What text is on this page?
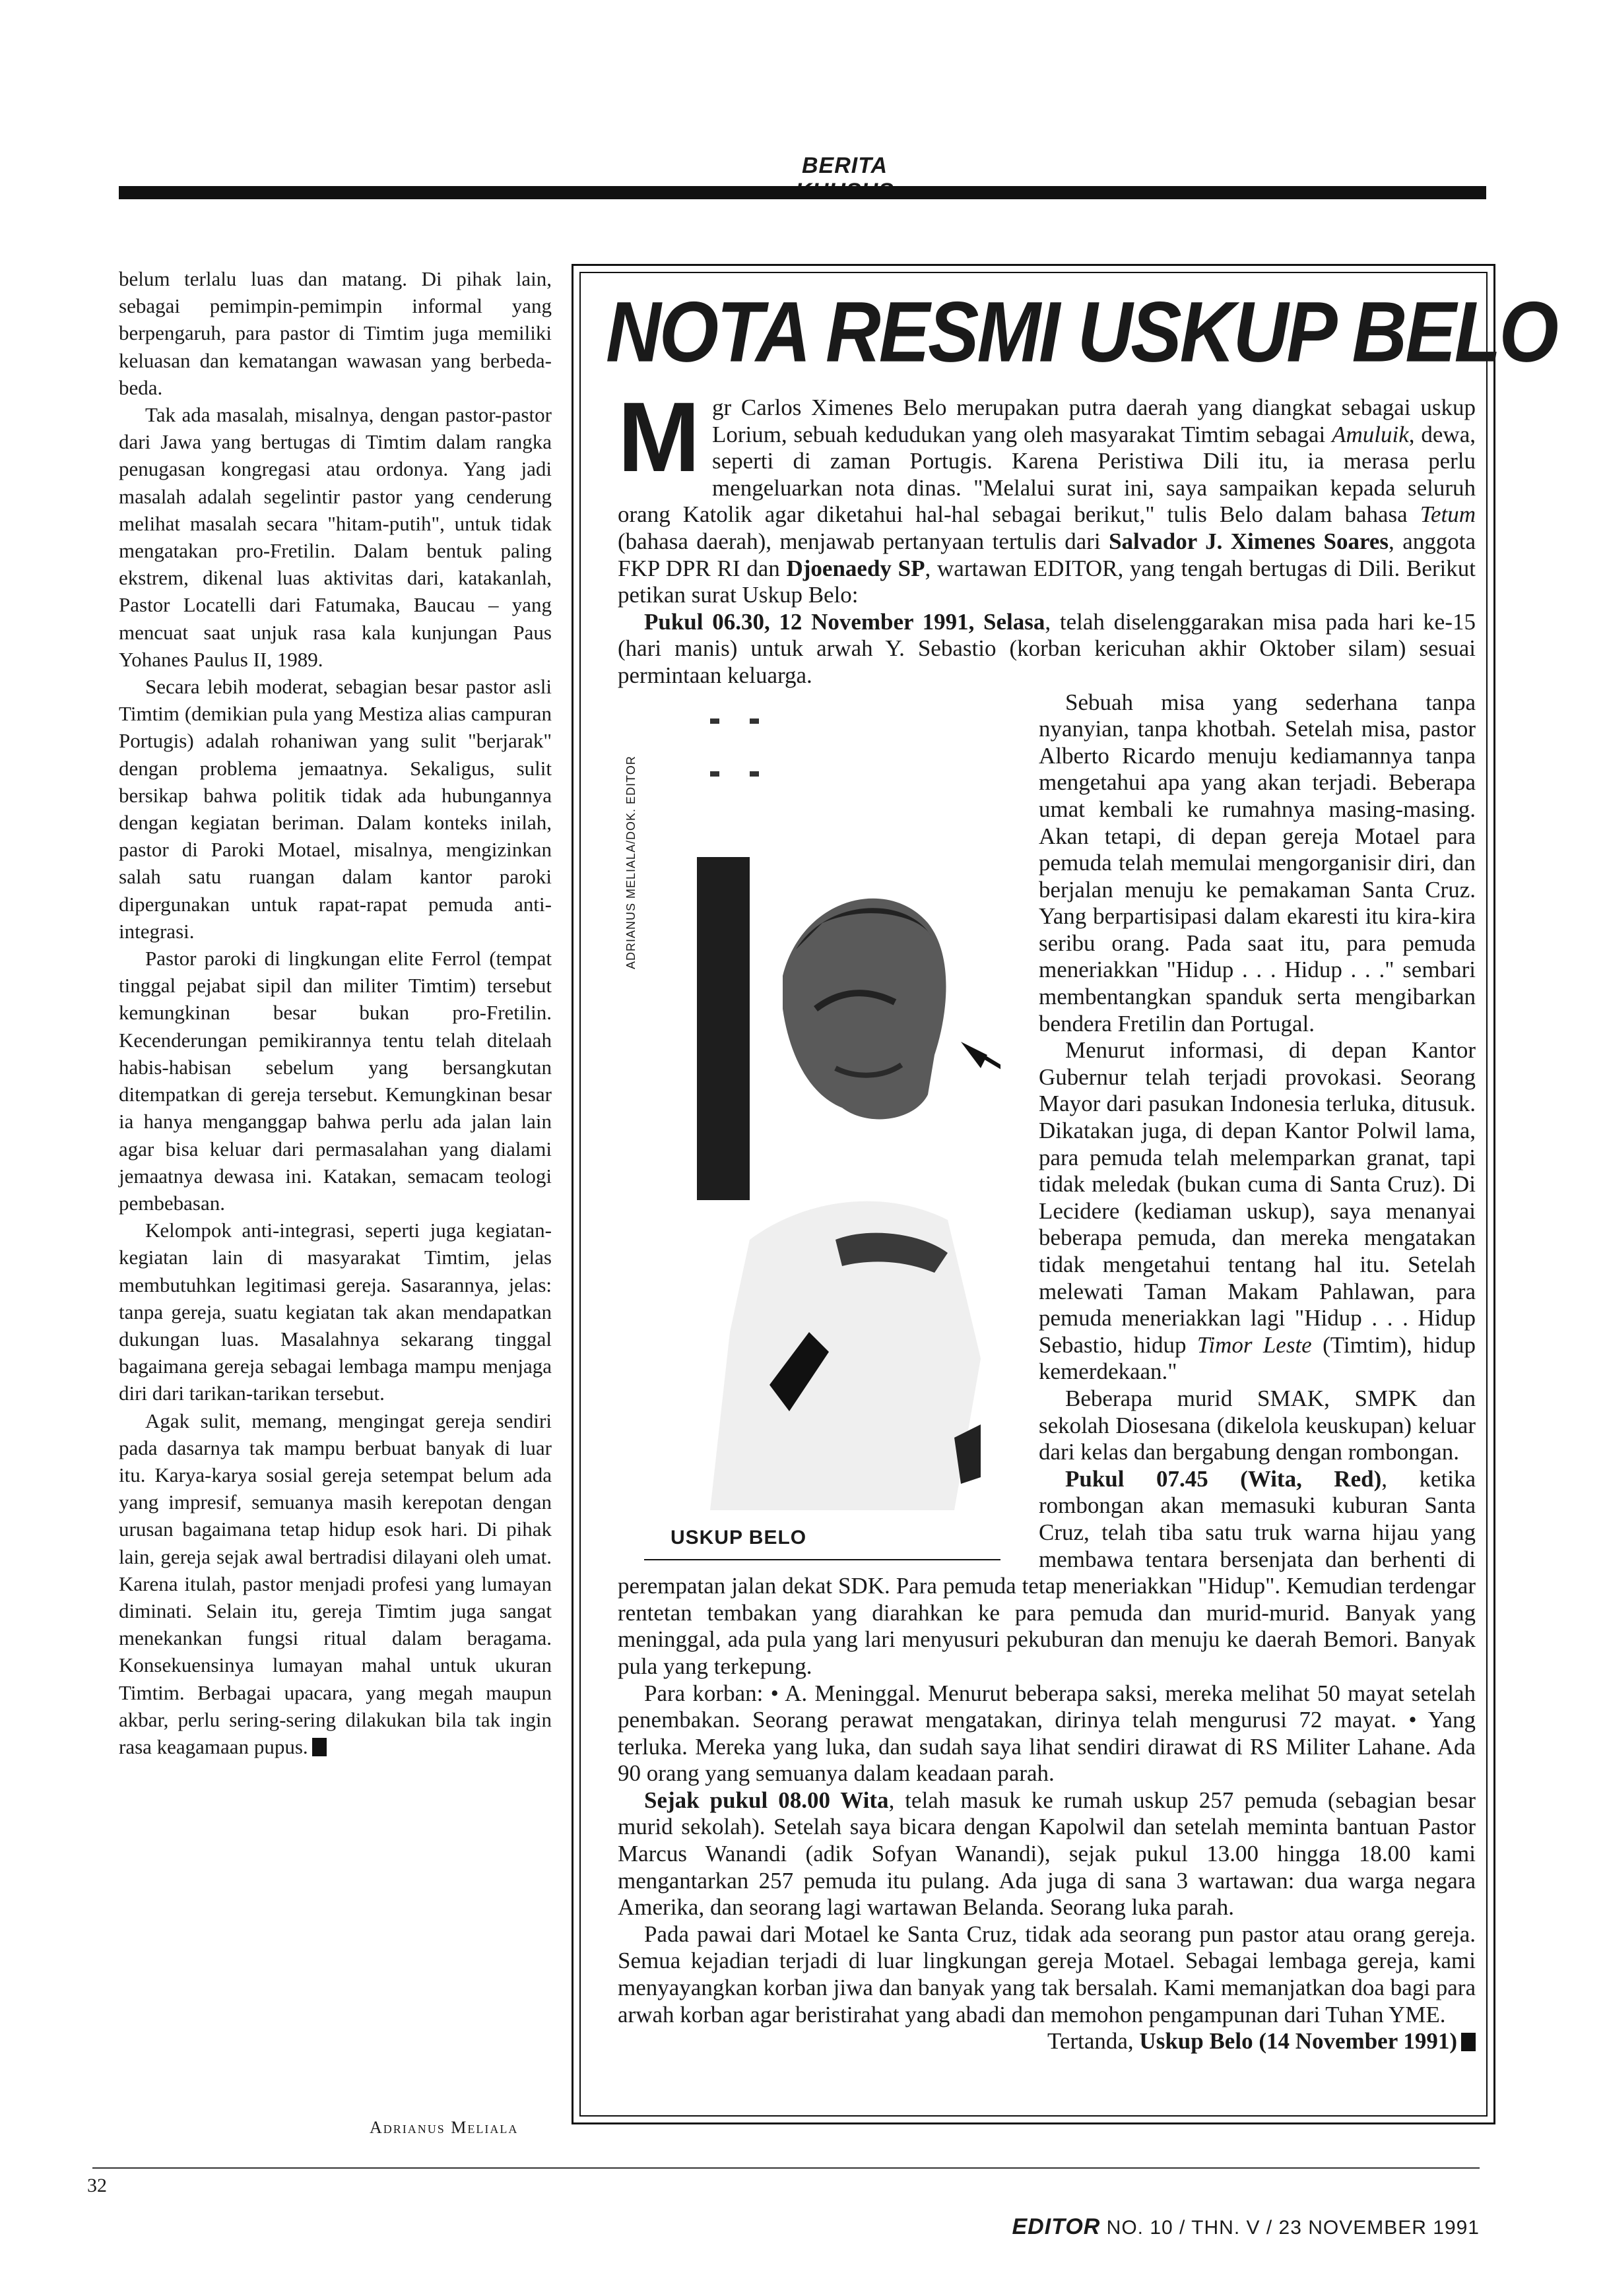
BERITA

belum terlalu luas dan matang. Di pihak lain, sebagai pemimpin-pemimpin informal yang berpengaruh, para pastor di Timtim juga memiliki keluasan dan kematangan wawasan yang berbeda-beda.

Tak ada masalah, misalnya, dengan pastor-pastor dari Jawa yang bertugas di Timtim dalam rangka penugasan kongregasi atau ordonya. Yang jadi masalah adalah segelintir pastor yang cenderung melihat masalah secara "hitam-putih", untuk tidak mengatakan pro-Fretilin. Dalam bentuk paling ekstrem, dikenal luas aktivitas dari, katakanlah, Pastor Locatelli dari Fatumaka, Baucau – yang mencuat saat unjuk rasa kala kunjungan Paus Yohanes Paulus II, 1989.

Secara lebih moderat, sebagian besar pastor asli Timtim (demikian pula yang Mestiza alias campuran Portugis) adalah rohaniwan yang sulit "berjarak" dengan problema jemaatnya. Sekaligus, sulit bersikap bahwa politik tidak ada hubungannya dengan kegiatan beriman. Dalam konteks inilah, pastor di Paroki Motael, misalnya, mengizinkan salah satu ruangan dalam kantor paroki dipergunakan untuk rapat-rapat pemuda anti-integrasi.

Pastor paroki di lingkungan elite Ferrol (tempat tinggal pejabat sipil dan militer Timtim) tersebut kemungkinan besar bukan pro-Fretilin. Kecenderungan pemikirannya tentu telah ditelaah habis-habisan sebelum yang bersangkutan ditempatkan di gereja tersebut. Kemungkinan besar ia hanya menganggap bahwa perlu ada jalan lain agar bisa keluar dari permasalahan yang dialami jemaatnya dewasa ini. Katakan, semacam teologi pembebasan.

Kelompok anti-integrasi, seperti juga kegiatan-kegiatan lain di masyarakat Timtim, jelas membutuhkan legitimasi gereja. Sasarannya, jelas: tanpa gereja, suatu kegiatan tak akan mendapatkan dukungan luas. Masalahnya sekarang tinggal bagaimana gereja sebagai lembaga mampu menjaga diri dari tarikan-tarikan tersebut.

Agak sulit, memang, mengingat gereja sendiri pada dasarnya tak mampu berbuat banyak di luar itu. Karya-karya sosial gereja setempat belum ada yang impresif, semuanya masih kerepotan dengan urusan bagaimana tetap hidup esok hari. Di pihak lain, gereja sejak awal bertradisi dilayani oleh umat. Karena itulah, pastor menjadi profesi yang lumayan diminati. Selain itu, gereja Timtim juga sangat menekankan fungsi ritual dalam beragama. Konsekuensinya lumayan mahal untuk ukuran Timtim. Berbagai upacara, yang megah maupun akbar, perlu sering-sering dilakukan bila tak ingin rasa keagamaan pupus.

Adrianus Meliala
NOTA RESMI USKUP BELO

Mgr Carlos Ximenes Belo merupakan putra daerah yang diangkat sebagai uskup Lorium, sebuah kedudukan yang oleh masyarakat Timtim sebagai Amuluik, dewa, seperti di zaman Portugis. Karena Peristiwa Dili itu, ia merasa perlu mengeluarkan nota dinas. "Melalui surat ini, saya sampaikan kepada seluruh orang Katolik agar diketahui hal-hal sebagai berikut," tulis Belo dalam bahasa Tetum (bahasa daerah), menjawab pertanyaan tertulis dari Salvador J. Ximenes Soares, anggota FKP DPR RI dan Djoenaedy SP, wartawan EDITOR, yang tengah bertugas di Dili. Berikut petikan surat Uskup Belo:

Pukul 06.30, 12 November 1991, Selasa, telah diselenggarakan misa pada hari ke-15 (hari manis) untuk arwah Y. Sebastio (korban kericuhan akhir Oktober silam) sesuai permintaan keluarga.

ADRIANUS MELIALA/DOK. EDITOR
USKUP BELO
Sebuah misa yang sederhana tanpa nyanyian, tanpa khotbah. Setelah misa, pastor Alberto Ricardo menuju kediamannya tanpa mengetahui apa yang akan terjadi. Beberapa umat kembali ke rumahnya masing-masing. Akan tetapi, di depan gereja Motael para pemuda telah memulai mengorganisir diri, dan berjalan menuju ke pemakaman Santa Cruz. Yang berpartisipasi dalam ekaresti itu kira-kira seribu orang. Pada saat itu, para pemuda meneriakkan "Hidup . . . Hidup . . ." sembari membentangkan spanduk serta mengibarkan bendera Fretilin dan Portugal.

Menurut informasi, di depan Kantor Gubernur telah terjadi provokasi. Seorang Mayor dari pasukan Indonesia terluka, ditusuk. Dikatakan juga, di depan Kantor Polwil lama, para pemuda telah melemparkan granat, tapi tidak meledak (bukan cuma di Santa Cruz). Di Lecidere (kediaman uskup), saya menanyai beberapa pemuda, dan mereka mengatakan tidak mengetahui tentang hal itu. Setelah melewati Taman Makam Pahlawan, para pemuda meneriakkan lagi "Hidup . . . Hidup Sebastio, hidup Timor Leste (Timtim), hidup kemerdekaan."

Beberapa murid SMAK, SMPK dan sekolah Diosesana (dikelola keuskupan) keluar dari kelas dan bergabung dengan rombongan.

Pukul 07.45 (Wita, Red), ketika rombongan akan memasuki kuburan Santa Cruz, telah tiba satu truk warna hijau yang membawa tentara bersenjata dan berhenti di perempatan jalan dekat SDK. Para pemuda tetap meneriakkan "Hidup". Kemudian terdengar rentetan tembakan yang diarahkan ke para pemuda dan murid-murid. Banyak yang meninggal, ada pula yang lari menyusuri pekuburan dan menuju ke daerah Bemori. Banyak pula yang terkepung.

Para korban: • A. Meninggal. Menurut beberapa saksi, mereka melihat 50 mayat setelah penembakan. Seorang perawat mengatakan, dirinya telah mengurusi 72 mayat. • Yang terluka. Mereka yang luka, dan sudah saya lihat sendiri dirawat di RS Militer Lahane. Ada 90 orang yang semuanya dalam keadaan parah.

Sejak pukul 08.00 Wita, telah masuk ke rumah uskup 257 pemuda (sebagian besar murid sekolah). Setelah saya bicara dengan Kapolwil dan setelah meminta bantuan Pastor Marcus Wanandi (adik Sofyan Wanandi), sejak pukul 13.00 hingga 18.00 kami mengantarkan 257 pemuda itu pulang. Ada juga di sana 3 wartawan: dua warga negara Amerika, dan seorang lagi wartawan Belanda. Seorang luka parah.

Pada pawai dari Motael ke Santa Cruz, tidak ada seorang pun pastor atau orang gereja. Semua kejadian terjadi di luar lingkungan gereja Motael. Sebagai lembaga gereja, kami menyayangkan korban jiwa dan banyak yang tak bersalah. Kami memanjatkan doa bagi para arwah korban agar beristirahat yang abadi dan memohon pengampunan dari Tuhan YME.

Tertanda, Uskup Belo (14 November 1991)

32
EDITOR NO. 10 / THN. V / 23 NOVEMBER 1991
